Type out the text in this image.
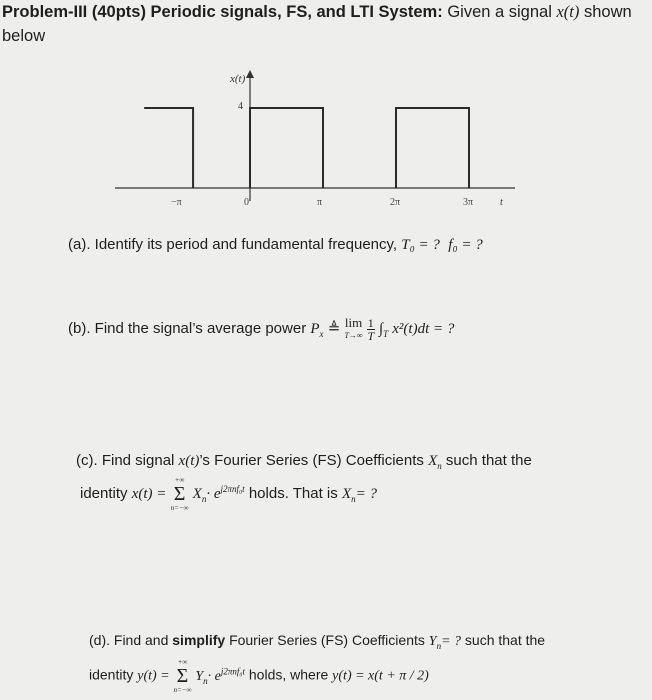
Problem-III (40pts) Periodic signals, FS, and LTI System: Given a signal x(t) shown
below
x(t)
4
t
−π	0	π	2π	3π
(a). Identify its period and fundamental frequency, T₀ = ? f₀ = ?
(b). Find the signal’s average power $P_x$ ≜ lim
T→∞
$\frac{1}{T} \int_T$ x²(t)dt = ?
(c). Find signal x(t)’s Fourier Series (FS) Coefficients $X_n$ such that the
identity x(t) =
+∞
Σ
n=−∞
$X_n\cdot e^{j2\pi nf_0t}$ holds. That is $X_n=$ ?
(d). Find and simplify Fourier Series (FS) Coefficients $Y_n=$ ? such that the
identity y(t) =
+∞
Σ
n=−∞
$Y_n\cdot e^{j2\pi nf_0t}$ holds, where y(t) = x(t + π / 2)
